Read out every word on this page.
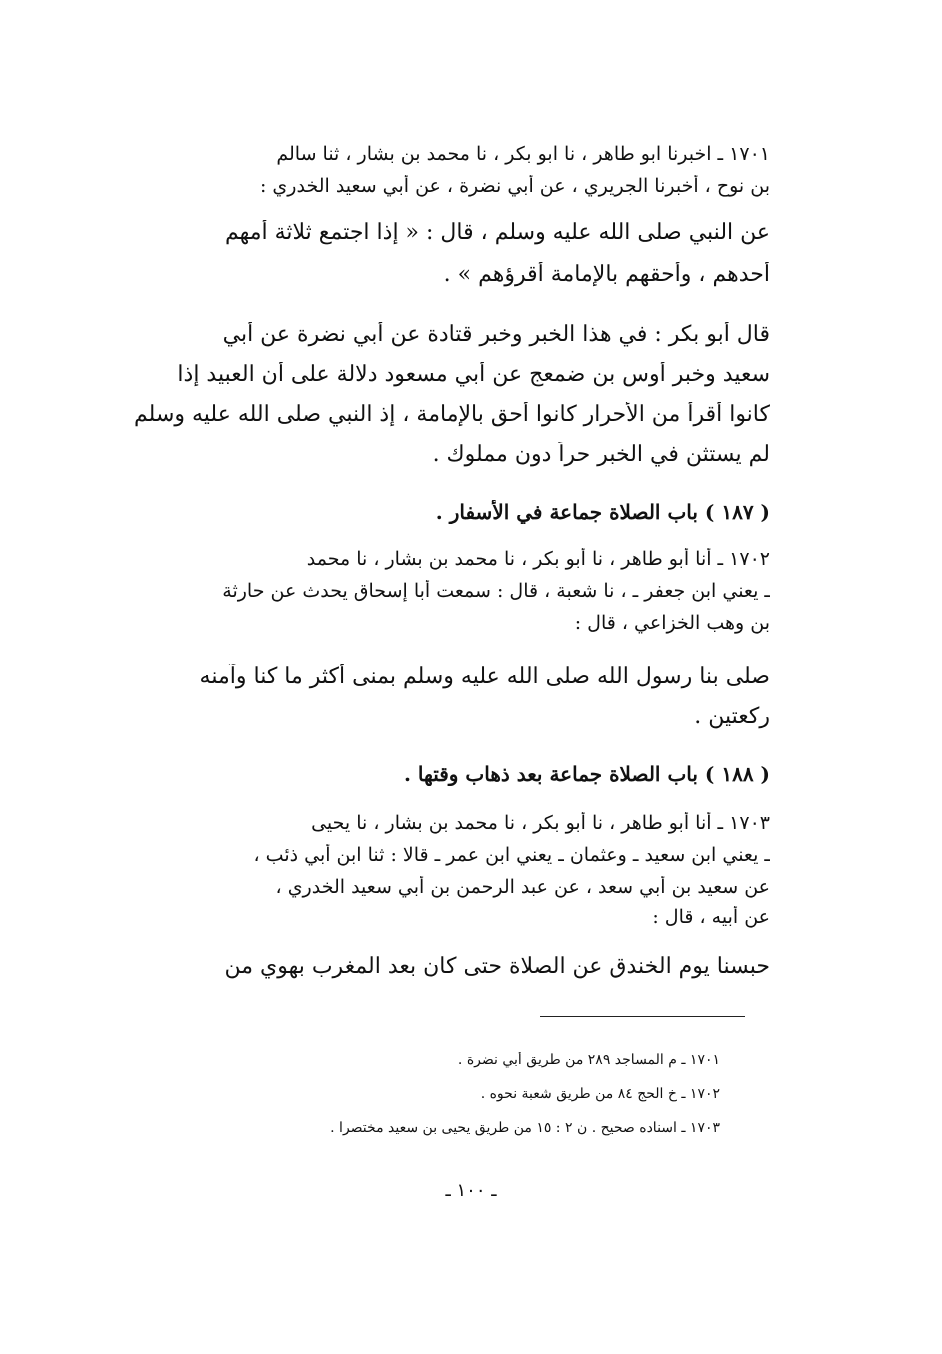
١٧٠١ ـ اخبرنا ابو طاهر ، نا ابو بكر ، نا محمد بن بشار ، ثنا سالم
بن نوح ، أخبرنا الجريري ، عن أبي نضرة ، عن أبي سعيد الخدري :
عن النبي صلى الله عليه وسلم ، قال : « إذا اجتمع ثلاثة أمهم
أحدهم ، وأحقهم بالإمامة أقرؤهم » .
قال أبو بكر : في هذا الخبر وخبر قتادة عن أبي نضرة عن أبي
سعيد وخبر أوس بن ضمعج عن أبي مسعود دلالة على أن العبيد إذا
كانوا أقرأ من الأحرار كانوا أحق بالإمامة ، إذ النبي صلى الله عليه وسلم
لم يستثن في الخبر حراً دون مملوك .
( ١٨٧ ) باب الصلاة جماعة في الأسفار .
١٧٠٢ ـ أنا أبو طاهر ، نا أبو بكر ، نا محمد بن بشار ، نا محمد
ـ يعني ابن جعفر ـ ، نا شعبة ، قال : سمعت أبا إسحاق يحدث عن حارثة
بن وهب الخزاعي ، قال :
صلى بنا رسول الله صلى الله عليه وسلم بمنى أكثر ما كنا وآمنه
ركعتين .
( ١٨٨ ) باب الصلاة جماعة بعد ذهاب وقتها .
١٧٠٣ ـ أنا أبو طاهر ، نا أبو بكر ، نا محمد بن بشار ، نا يحيى
ـ يعني ابن سعيد ـ وعثمان ـ يعني ابن عمر ـ قالا : ثنا ابن أبي ذئب ،
عن سعيد بن أبي سعد ، عن عبد الرحمن بن أبي سعيد الخدري ،
عن أبيه ، قال :
حبسنا يوم الخندق عن الصلاة حتى كان بعد المغرب بهوي من
١٧٠١ ـ م المساجد ٢٨٩ من طريق أبي نضرة .
١٧٠٢ ـ خ الحج ٨٤ من طريق شعبة نحوه .
١٧٠٣ ـ اسناده صحيح . ن ٢ : ١٥ من طريق يحيى بن سعيد مختصرا .
ـ ١٠٠ ـ
